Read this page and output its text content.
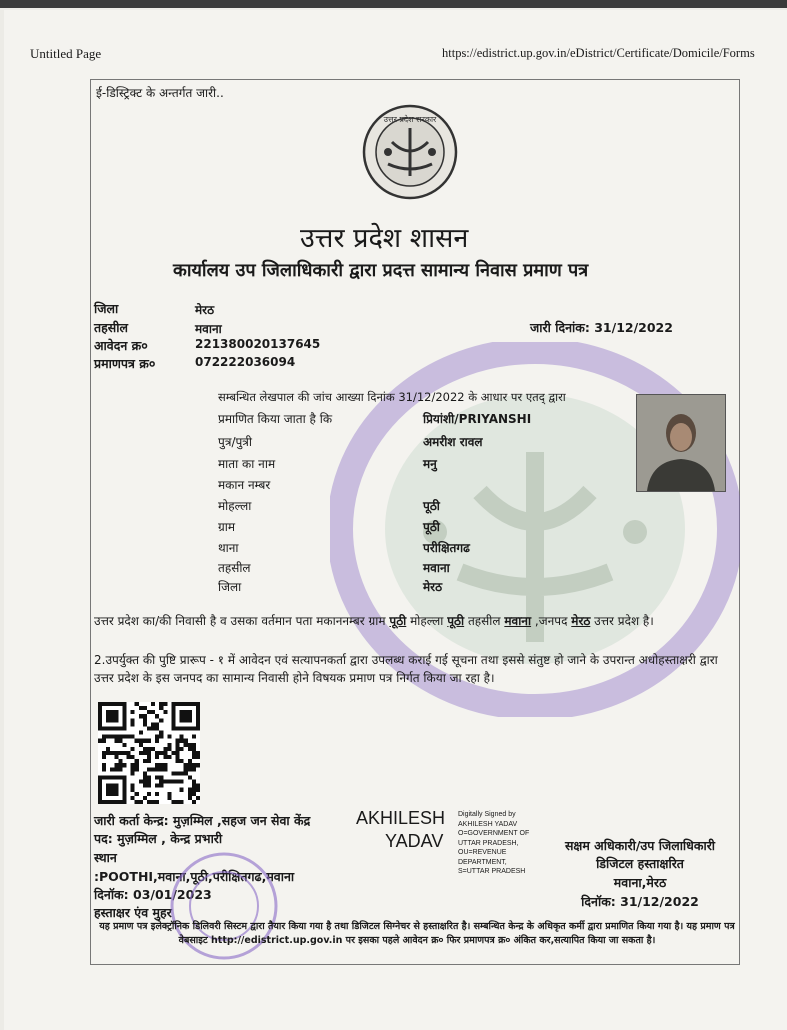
Untitled Page	https://edistrict.up.gov.in/eDistrict/Certificate/Domicile/Forms
ई-डिस्ट्रिक्ट के अन्तर्गत जारी..
उत्तर प्रदेश सरकार
उत्तर प्रदेश शासन
कार्यालय उप जिलाधिकारी द्वारा प्रदत्त सामान्य निवास प्रमाण पत्र
जिला	मेरठ
तहसील	मवाना
आवेदन क्र०	221380020137645
प्रमाणपत्र क्र०	072222036094
जारी दिनांक: 31/12/2022
सम्बन्धित लेखपाल की जांच आख्या दिनांक 31/12/2022 के आधार पर एतद् द्वारा
प्रमाणित किया जाता है कि	प्रियांशी/PRIYANSHI
पुत्र/पुत्री	अमरीश रावल
माता का नाम	मनु
मकान नम्बर
मोहल्ला	पूठी
ग्राम	पूठी
थाना	परीक्षितगढ
तहसील	मवाना
जिला	मेरठ
उत्तर प्रदेश का/की निवासी है व उसका वर्तमान पता मकाननम्बर ग्राम पूठी मोहल्ला पूठी तहसील मवाना ,जनपद मेरठ उत्तर प्रदेश है।
2.उपर्युक्त की पुष्टि प्रारूप - १ में आवेदन एवं सत्यापनकर्ता द्वारा उपलब्ध कराई गई सूचना तथा इससे संतुष्ट हो जाने के उपरान्त अधोहस्ताक्षरी द्वारा उत्तर प्रदेश के इस जनपद का सामान्य निवासी होने विषयक प्रमाण पत्र निर्गत किया जा रहा है।
जारी कर्ता केन्द्र: मुज़म्मिल ,सहज जन सेवा केंद्र
पद: मुज़म्मिल , केन्द्र प्रभारी
स्थान
:POOTHI,मवाना,पूठी,परीक्षितगढ,मवाना
दिनॉक: 03/01/2023
हस्ताक्षर एंव मुहर
AKHILESH
YADAV
Digitally Signed by
AKHILESH YADAV
O=GOVERNMENT OF
UTTAR PRADESH,
OU=REVENUE
DEPARTMENT,
S=UTTAR PRADESH
सक्षम अधिकारी/उप जिलाधिकारी
डिजिटल हस्ताक्षरित
मवाना,मेरठ
दिनॉक: 31/12/2022
यह प्रमाण पत्र इलेक्ट्रॉनिक डिलिवरी सिस्टम द्वारा तैयार किया गया है तथा डिजिटल सिग्नेचर से हस्ताक्षरित है। सम्बन्धित केन्द्र के अधिकृत कर्मी द्वारा प्रमाणित किया गया है। यह प्रमाण पत्र वेबसाइट http://edistrict.up.gov.in पर इसका पहले आवेदन क्र० फिर प्रमाणपत्र क्र० अंकित कर,सत्यापित किया जा सकता है।
